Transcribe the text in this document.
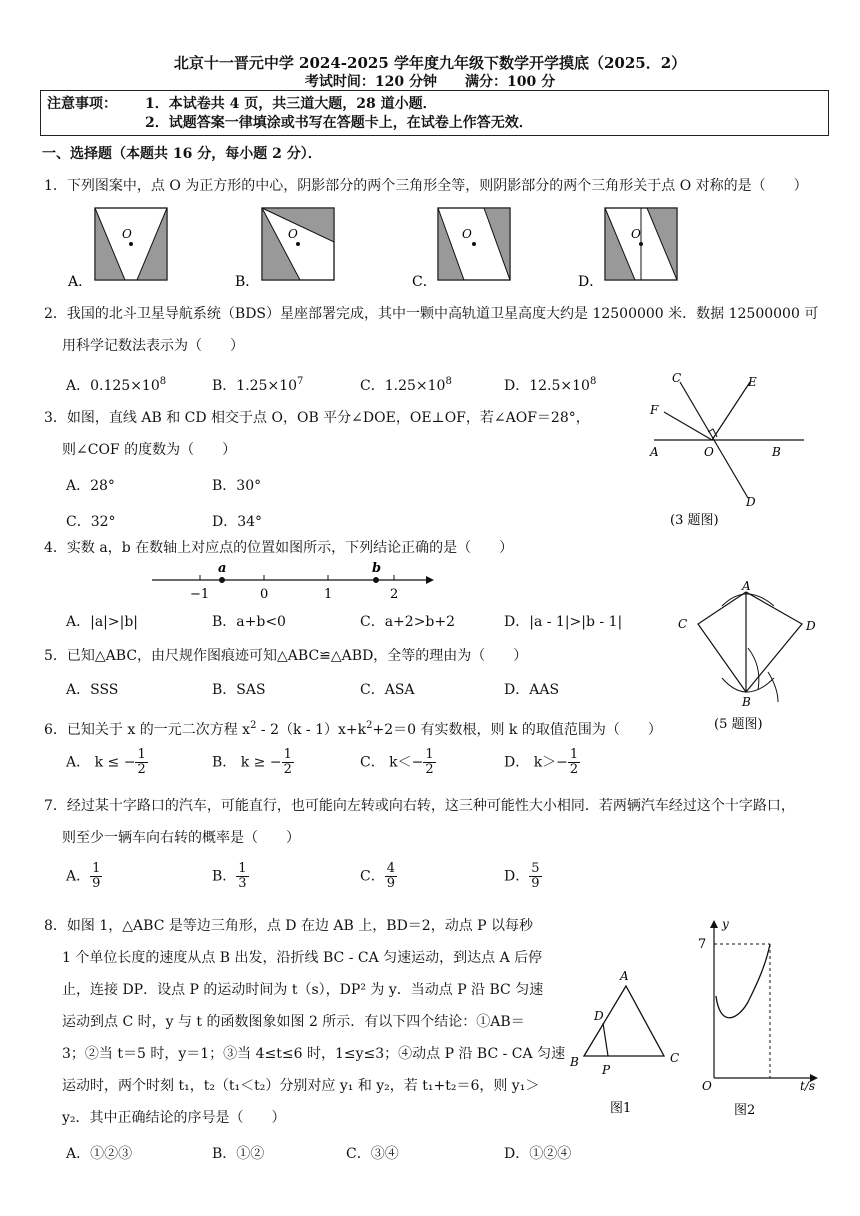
北京十一晋元中学 2024-2025 学年度九年级下数学开学摸底（2025．2）
考试时间：120 分钟　　满分：100 分
注意事项： 1．本试卷共 4 页，共三道大题，28 道小题．
2．试题答案一律填涂或书写在答题卡上，在试卷上作答无效．
一、选择题（本题共 16 分，每小题 2 分）．
1．下列图案中，点 O 为正方形的中心，阴影部分的两个三角形全等，则阴影部分的两个三角形关于点 O 对称的是（　　）
O	O	O	O
A．	B．	C．	D．
2．我国的北斗卫星导航系统（BDS）星座部署完成，其中一颗中高轨道卫星高度大约是 12500000 米．数据 12500000 可
用科学记数法表示为（　　）
A．$0.125\times 10^8$	B．$1.25\times 10^7$	C．$1.25\times 10^8$	D．$12.5\times 10^8$
3．如图，直线 AB 和 CD 相交于点 O，OB 平分∠DOE，OE⊥OF，若∠AOF＝28°，
则∠COF 的度数为（　　）
A．28°	B．30°
C．32°	D．34°
C	E
F
A	O	B
D
(3 题图)
4．实数 a，b 在数轴上对应点的位置如图所示，下列结论正确的是（　　）
a	b
−1	0	1	2
A．|a|>|b|	B．a+b<0	C．a+2>b+2	D．|a - 1|>|b - 1|
5．已知△ABC，由尺规作图痕迹可知△ABC≌△ABD，全等的理由为（　　）
A．SSS	B．SAS	C．ASA	D．AAS
A
C	D
B
(5 题图)
6．已知关于 x 的一元二次方程 $x^2 - 2(k - 1)x+k^2+2=0$ 有实数根，则 k 的取值范围为（　　）
A． k ≤ − $\frac{1}{2}$	B． k ≥ − $\frac{1}{2}$	C． $k<- \frac{1}{2}$	D． $k>- \frac{1}{2}$
7．经过某十字路口的汽车，可能直行，也可能向左转或向右转，这三种可能性大小相同．若两辆汽车经过这个十字路口，
则至少一辆车向右转的概率是（　　）
A． $\frac{1}{9}$	B． $\frac{1}{3}$	C． $\frac{4}{9}$	D． $\frac{5}{9}$
8．如图 1，△ABC 是等边三角形，点 D 在边 AB 上，BD＝2，动点 P 以每秒
1 个单位长度的速度从点 B 出发，沿折线 BC - CA 匀速运动，到达点 A 后停
止，连接 DP．设点 P 的运动时间为 t（s），DP² 为 y．当动点 P 沿 BC 匀速
运动到点 C 时，y 与 t 的函数图象如图 2 所示．有以下四个结论：①AB＝
3；②当 t＝5 时，y＝1；③当 4≤t≤6 时，1≤y≤3；④动点 P 沿 BC - CA 匀速
运动时，两个时刻 t₁，t₂（t₁＜t₂）分别对应 y₁ 和 y₂，若 t₁+t₂＝6，则 y₁＞
y₂．其中正确结论的序号是（　　）
A．①②③	B．①②	C．③④	D．①②④
A
D
B	C
P
图1
y
7
O	t/s
图2
